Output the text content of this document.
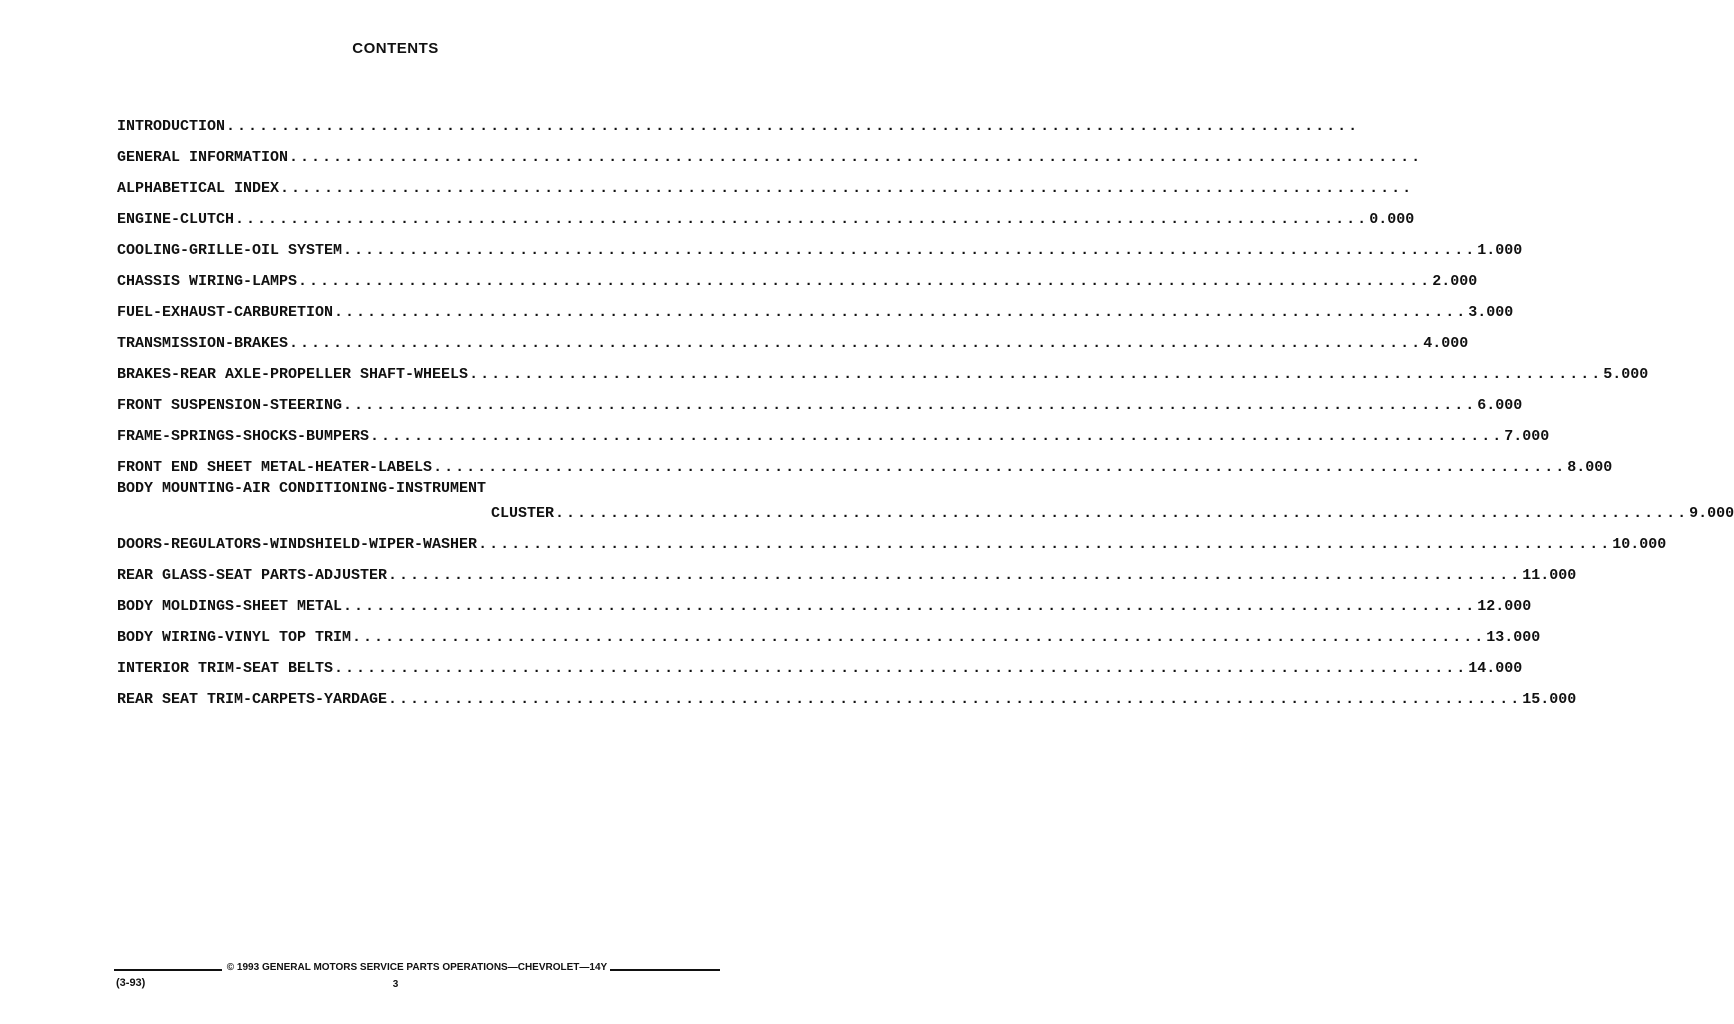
CONTENTS
INTRODUCTION .......................................................................................................
GENERAL INFORMATION .......................................................................................................
ALPHABETICAL INDEX .......................................................................................................
ENGINE-CLUTCH ....................................................................................................... 0.000
COOLING-GRILLE-OIL SYSTEM ....................................................................................................... 1.000
CHASSIS WIRING-LAMPS ....................................................................................................... 2.000
FUEL-EXHAUST-CARBURETION ....................................................................................................... 3.000
TRANSMISSION-BRAKES ....................................................................................................... 4.000
BRAKES-REAR AXLE-PROPELLER SHAFT-WHEELS ....................................................................................................... 5.000
FRONT SUSPENSION-STEERING ....................................................................................................... 6.000
FRAME-SPRINGS-SHOCKS-BUMPERS ....................................................................................................... 7.000
FRONT END SHEET METAL-HEATER-LABELS ....................................................................................................... 8.000
BODY MOUNTING-AIR CONDITIONING-INSTRUMENT
CLUSTER ....................................................................................................... 9.000
DOORS-REGULATORS-WINDSHIELD-WIPER-WASHER ....................................................................................................... 10.000
REAR GLASS-SEAT PARTS-ADJUSTER ....................................................................................................... 11.000
BODY MOLDINGS-SHEET METAL ....................................................................................................... 12.000
BODY WIRING-VINYL TOP TRIM ....................................................................................................... 13.000
INTERIOR TRIM-SEAT BELTS ....................................................................................................... 14.000
REAR SEAT TRIM-CARPETS-YARDAGE ....................................................................................................... 15.000
© 1993 GENERAL MOTORS SERVICE PARTS OPERATIONS—CHEVROLET—14Y
(3-93)	3
